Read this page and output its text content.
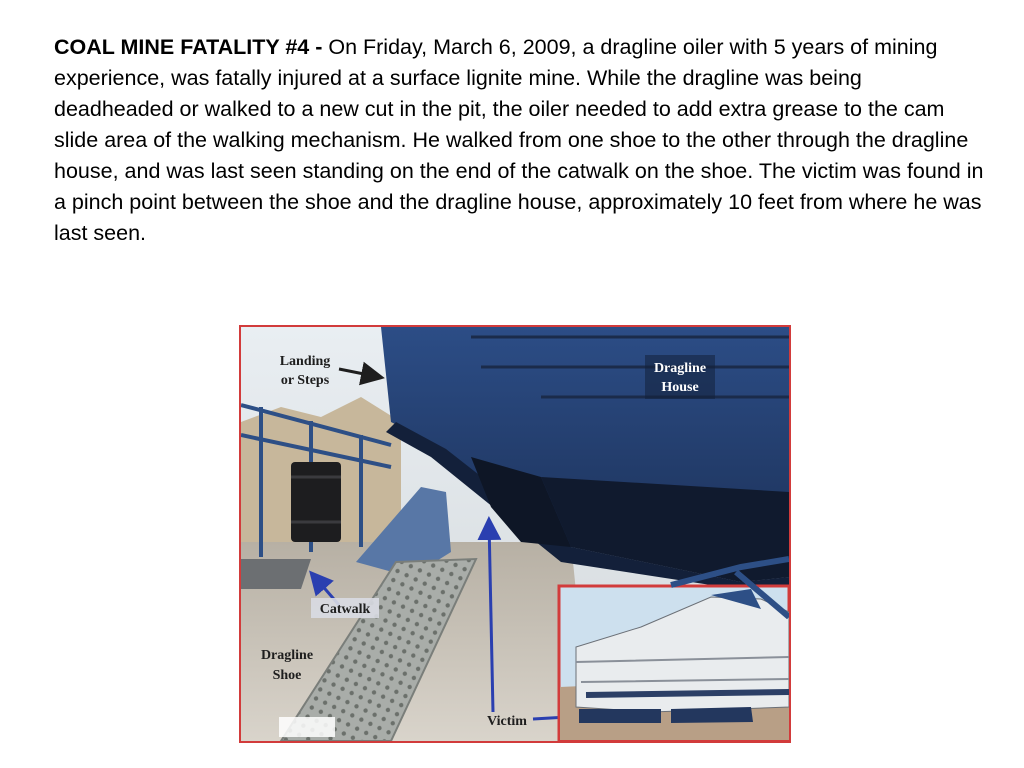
COAL MINE FATALITY #4 - On Friday, March 6, 2009, a dragline oiler with 5 years of mining experience, was fatally injured at a surface lignite mine. While the dragline was being deadheaded or walked to a new cut in the pit, the oiler needed to add extra grease to the cam slide area of the walking mechanism. He walked from one shoe to the other through the dragline house, and was last seen standing on the end of the catwalk on the shoe. The victim was found in a pinch point between the shoe and the dragline house, approximately 10 feet from where he was last seen.

Landing
or Steps
Dragline
House
Catwalk
Dragline
Shoe
Victim
